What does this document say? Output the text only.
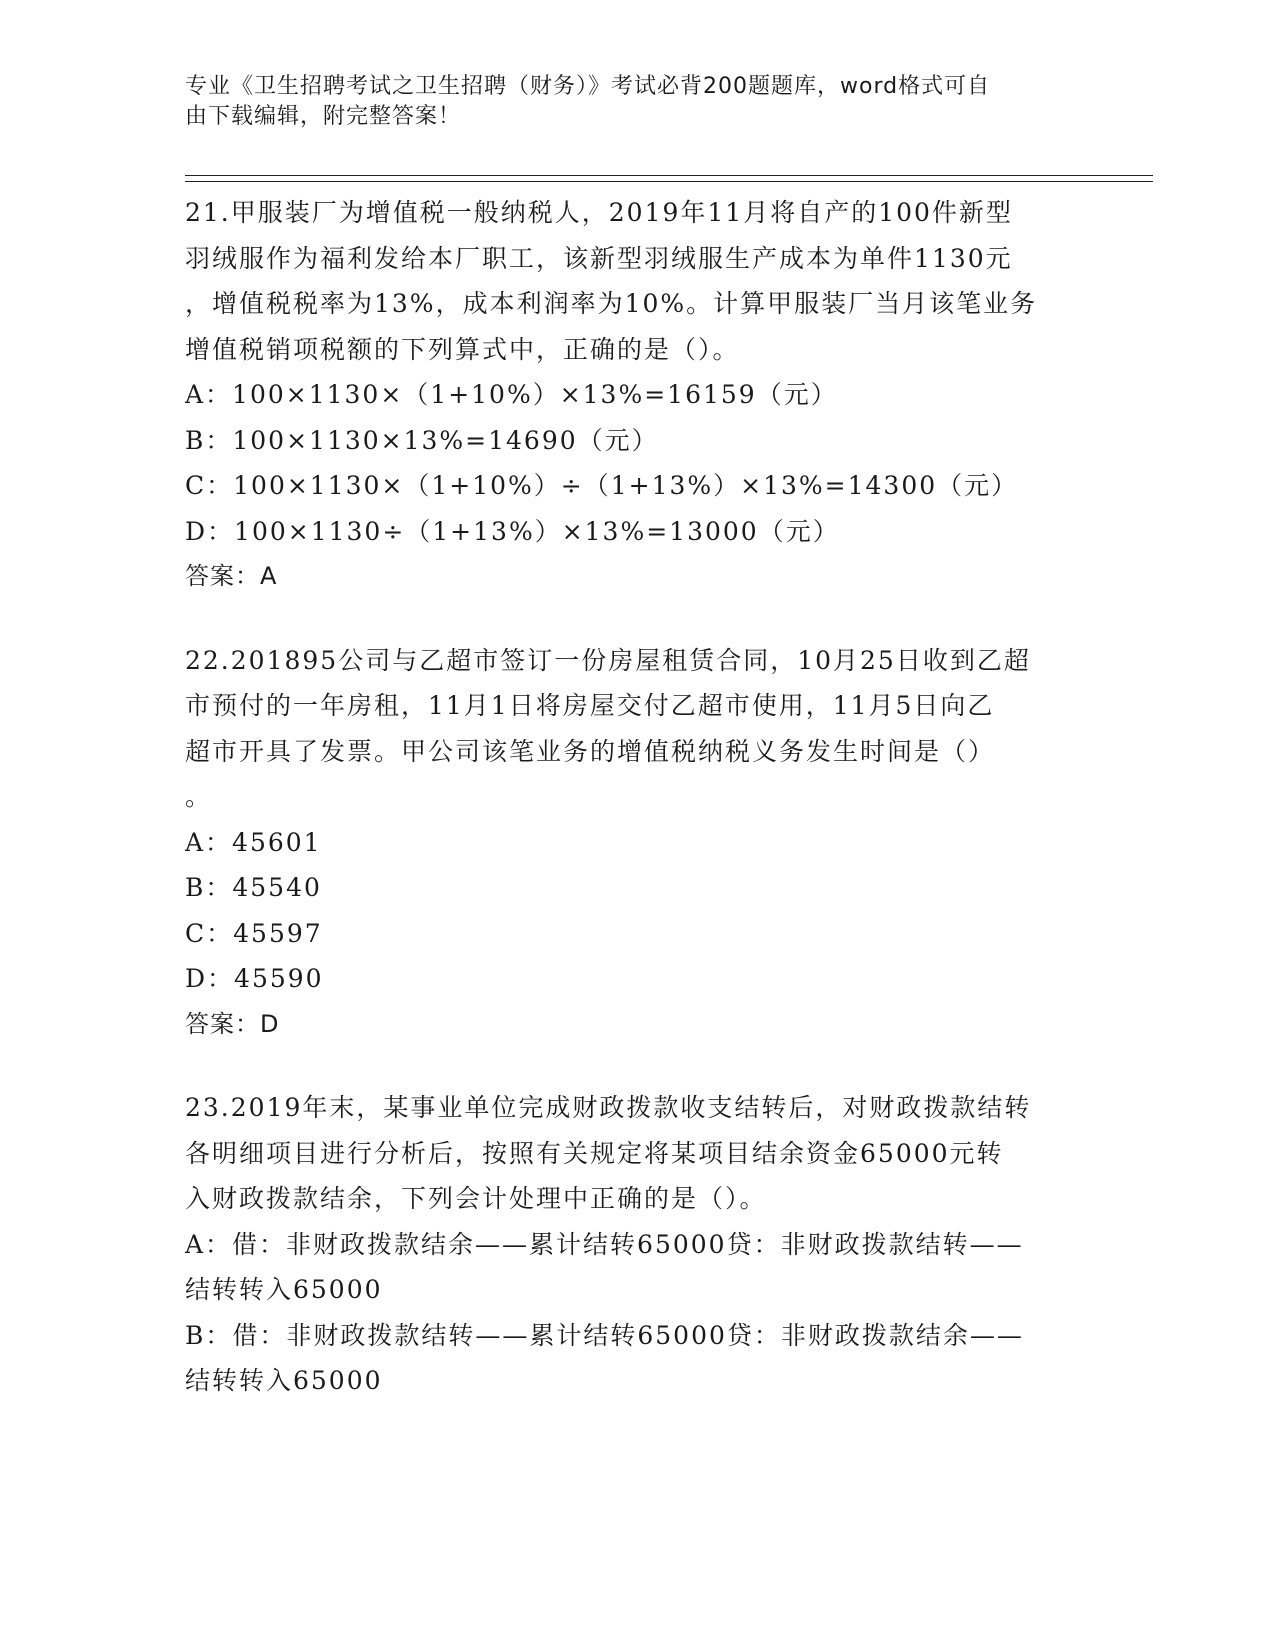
专业《卫生招聘考试之卫生招聘（财务）》考试必背200题题库，word格式可自
由下载编辑，附完整答案！
21.甲服装厂为增值税一般纳税人，2019年11月将自产的100件新型
羽绒服作为福利发给本厂职工，该新型羽绒服生产成本为单件1130元
，增值税税率为13%，成本利润率为10%。计算甲服装厂当月该笔业务
增值税销项税额的下列算式中，正确的是（）。
A：100×1130×（1+10%）×13%=16159（元）
B：100×1130×13%=14690（元）
C：100×1130×（1+10%）÷（1+13%）×13%=14300（元）
D：100×1130÷（1+13%）×13%=13000（元）
答案：A
22.201895公司与乙超市签订一份房屋租赁合同，10月25日收到乙超
市预付的一年房租，11月1日将房屋交付乙超市使用，11月5日向乙
超市开具了发票。甲公司该笔业务的增值税纳税义务发生时间是（）
。
A：45601
B：45540
C：45597
D：45590
答案：D
23.2019年末，某事业单位完成财政拨款收支结转后，对财政拨款结转
各明细项目进行分析后，按照有关规定将某项目结余资金65000元转
入财政拨款结余，下列会计处理中正确的是（）。
A：借：非财政拨款结余——累计结转65000贷：非财政拨款结转——
结转转入65000
B：借：非财政拨款结转——累计结转65000贷：非财政拨款结余——
结转转入65000
